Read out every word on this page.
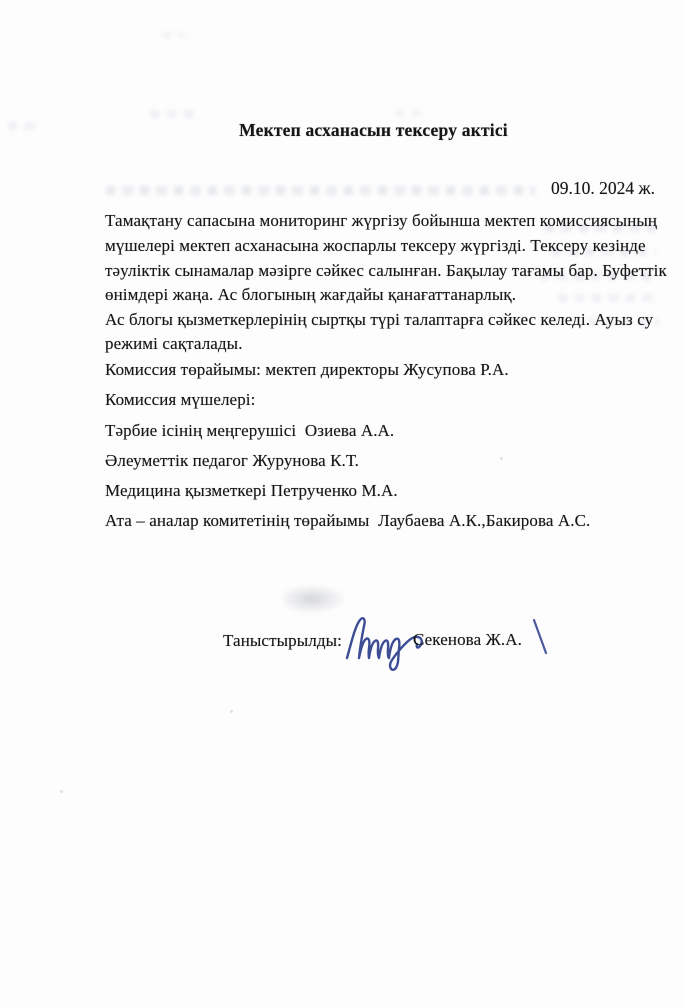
Мектеп асханасын тексеру актісі
09.10. 2024 ж.
Тамақтану сапасына мониторинг жүргізу бойынша мектеп комиссиясының
мүшелері мектеп асханасына жоспарлы тексеру жүргізді. Тексеру кезінде
тәуліктік сынамалар мәзірге сәйкес салынған. Бақылау тағамы бар. Буфеттік
өнімдері жаңа. Ас блогының жағдайы қанағаттанарлық.
Ас блогы қызметкерлерінің сыртқы түрі талаптарға сәйкес келеді. Ауыз су
режимі сақталады.
Комиссия төрайымы: мектеп директоры Жусупова Р.А.
Комиссия мүшелері:
Тәрбие ісінің меңгерушісі  Озиева А.А.
Әлеуметтік педагог Журунова К.Т.
Медицина қызметкері Петрученко М.А.
Ата – аналар комитетінің төрайымы  Лаубаева А.К.,Бакирова А.С.
Таныстырылды:	Секенова Ж.А.
